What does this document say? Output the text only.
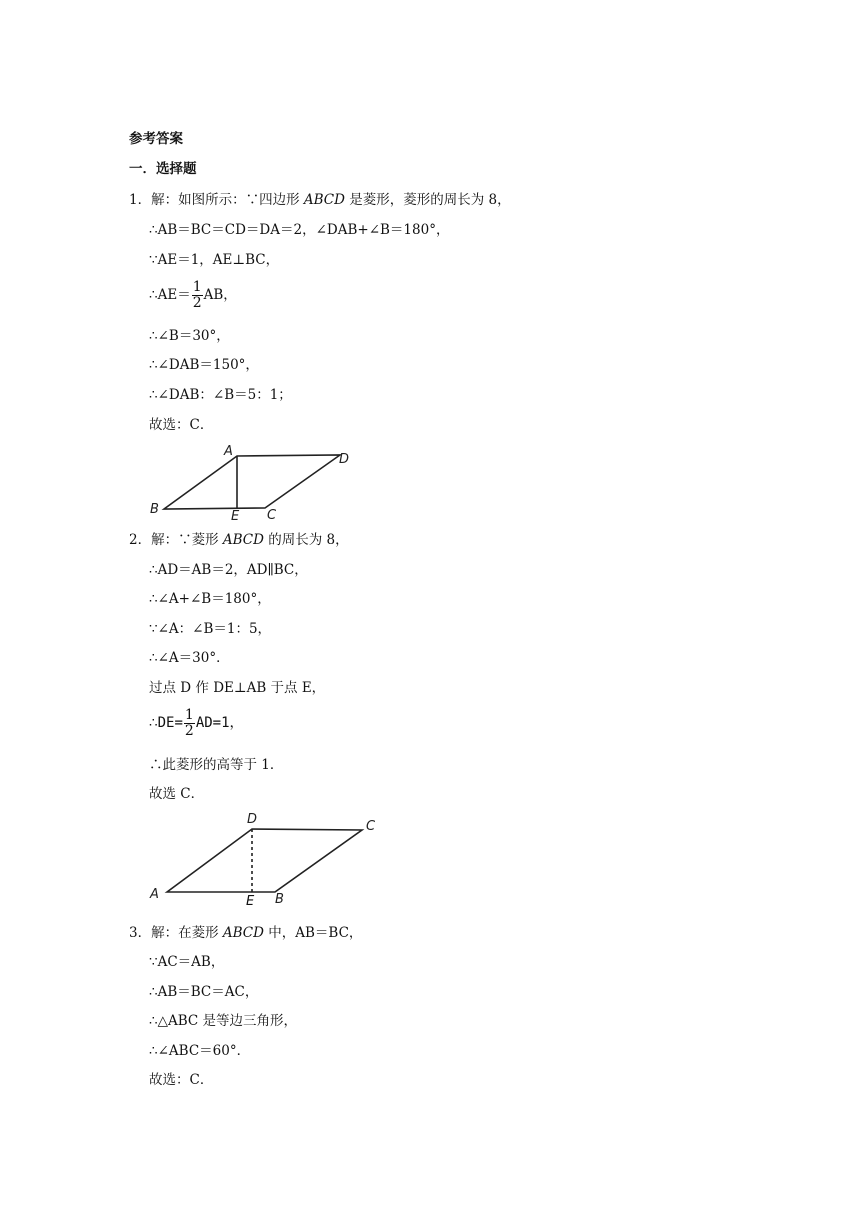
参考答案
一．选择题
1．解：如图所示：∵四边形 ABCD 是菱形，菱形的周长为 8，
∴AB＝BC＝CD＝DA＝2，∠DAB+∠B＝180°，
∵AE＝1，AE⊥BC，
∴AE＝ $\frac{1}{2}$ AB，
∴∠B＝30°，
∴∠DAB＝150°，
∴∠DAB：∠B＝5：1；
故选：C．
A
B	C
D
E
2．解：∵菱形 ABCD 的周长为 8，
∴AD＝AB＝2，AD∥BC，
∴∠A+∠B＝180°，
∵∠A：∠B＝1：5，
∴∠A＝30°．
过点 D 作 DE⊥AB 于点 E，
∴DE= $\frac{1}{2} AD=1$，
∴此菱形的高等于 1．
故选 C．
D	C
A	B
E
3．解：在菱形 ABCD 中，AB＝BC，
∵AC＝AB，
∴AB＝BC＝AC，
∴△ABC 是等边三角形，
∴∠ABC＝60°．
故选：C．
